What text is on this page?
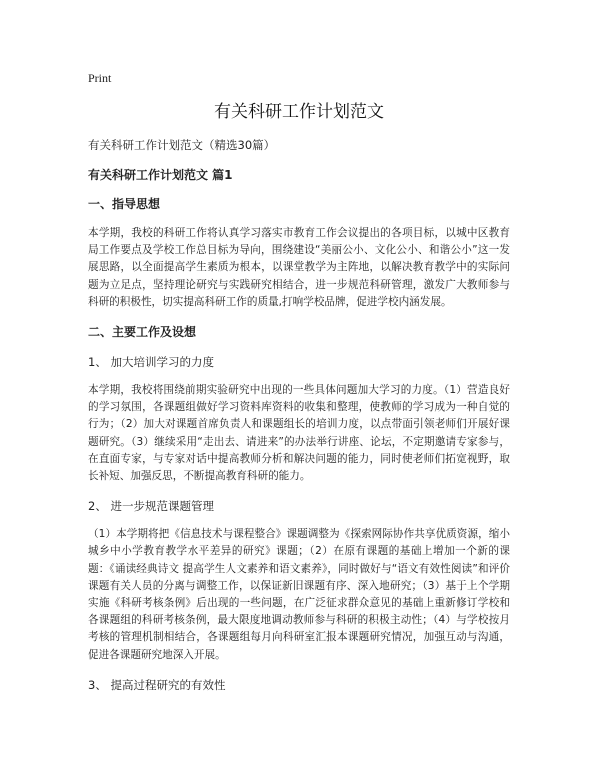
Print
有关科研工作计划范文
有关科研工作计划范文（精选30篇）
有关科研工作计划范文 篇1
一、指导思想

本学期，我校的科研工作将认真学习落实市教育工作会议提出的各项目标，以城中区教育局工作要点及学校工作总目标为导向，围绕建设“美丽公小、文化公小、和谐公小”这一发展思路，以全面提高学生素质为根本，以课堂教学为主阵地，以解决教育教学中的实际问题为立足点，坚持理论研究与实践研究相结合，进一步规范科研管理，激发广大教师参与科研的积极性，切实提高科研工作的质量,打响学校品牌，促进学校内涵发展。

二、主要工作及设想
1、 加大培训学习的力度

本学期，我校将围绕前期实验研究中出现的一些具体问题加大学习的力度。（1）营造良好的学习氛围，各课题组做好学习资料库资料的收集和整理，使教师的学习成为一种自觉的行为；（2）加大对课题首席负责人和课题组长的培训力度，以点带面引领老师们开展好课题研究。（3）继续采用“走出去、请进来”的办法举行讲座、论坛，不定期邀请专家参与，在直面专家，与专家对话中提高教师分析和解决问题的能力，同时使老师们拓宽视野，取长补短、加强反思，不断提高教育科研的能力。

2、 进一步规范课题管理

（1）本学期将把《信息技术与课程整合》课题调整为《探索网际协作共享优质资源，缩小城乡中小学教育教学水平差异的研究》课题；（2）在原有课题的基础上增加一个新的课题：《诵读经典诗文 提高学生人文素养和语文素养》，同时做好与“语文有效性阅读”和评价课题有关人员的分离与调整工作，以保证新旧课题有序、深入地研究；（3）基于上个学期实施《科研考核条例》后出现的一些问题，在广泛征求群众意见的基础上重新修订学校和各课题组的科研考核条例，最大限度地调动教师参与科研的积极主动性；（4）与学校按月考核的管理机制相结合，各课题组每月向科研室汇报本课题研究情况，加强互动与沟通，促进各课题研究地深入开展。

3、 提高过程研究的有效性
